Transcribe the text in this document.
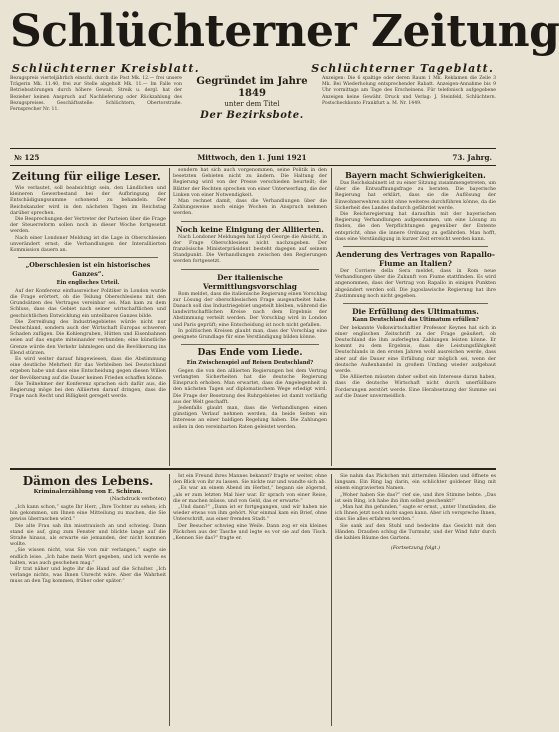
Schlüchterner Zeitung
Schlüchterner Kreisblatt.	Schlüchterner Tageblatt.
Bezugspreis vierteljährlich einschl. durch die Post Mk. 12.— frei unsere Trägerin Mk. 11.40, frei zur Stelle abgeholt Mk. 11.— Im Falle von Betriebsstörungen durch höhere Gewalt, Streik u. dergl. hat der Bezieher keinen Anspruch auf Nachlieferung oder Rückzahlung des Bezugspreises. Geschäftsstelle: Schlüchtern, Obertorstraße. Fernsprecher Nr. 11.
Gegründet im Jahre 1849
unter dem Titel
Der Bezirksbote.
Anzeigen: Die 6 spaltige oder deren Raum 1 Mk. Reklamen die Zeile 3 Mk. Bei Wiederholung entsprechender Rabatt. Anzeigen-Annahme bis 9 Uhr vormittags am Tage des Erscheinens. Für telefonisch aufgegebene Anzeigen keine Gewähr. Druck und Verlag: J. Steinfeld, Schlüchtern. Postscheckkonto Frankfurt a. M. Nr. 1449.
№ 125	Mittwoch, den 1. Juni 1921	73. Jahrg.
Zeitung für eilige Leser.

Wie verlautet, soll beabsichtigt sein, den Ländlichen und kleineren Gewerbestand bei der Aufbringung der Entschädigungssumme schonend zu behandeln. Der Reichskanzler wird in den nächsten Tagen im Reichstag darüber sprechen.

Die Besprechungen der Vertreter der Parteien über die Frage der Steuerreform sollen noch in dieser Woche fortgesetzt werden.

Nach einer Londoner Meldung ist die Lage in Oberschlesien unverändert ernst; die Verhandlungen der Interalliierten Kommission dauern an.

„Oberschlesien ist ein historisches Ganzes“.
Ein englisches Urteil.

Auf der Konferenz einflussreicher Politiker in London wurde die Frage erörtert, ob die Teilung Oberschlesiens mit den Grundsätzen des Vertrages vereinbar sei. Man kam zu dem Schluss, dass das Gebiet nach seiner wirtschaftlichen und geschichtlichen Entwicklung ein unteilbares Ganzes bilde.

Die Zerreißung des Industriegebietes würde nicht nur Deutschland, sondern auch der Wirtschaft Europas schweren Schaden zufügen. Die Kohlengruben, Hütten und Eisenbahnen seien auf das engste miteinander verbunden; eine künstliche Grenze würde den Verkehr lahmlegen und die Bevölkerung ins Elend stürzen.

Es wird weiter darauf hingewiesen, dass die Abstimmung eine deutliche Mehrheit für das Verbleiben bei Deutschland ergeben habe und dass eine Entscheidung gegen diesen Willen der Bevölkerung auf die Dauer keinen Frieden schaffen könne.

Die Teilnehmer der Konferenz sprachen sich dafür aus, die Regierung möge bei den Alliierten darauf dringen, dass die Frage nach Recht und Billigkeit geregelt werde.

sondern hat sich auch vorgenommen, seine Politik in den besetzten Gebieten nicht zu ändern. Die Haltung der Regierung wird von der Presse verschieden beurteilt; die Blätter der Rechten sprechen von einer Unterwerfung, die der Linken von einer Notwendigkeit.

Man rechnet damit, dass die Verhandlungen über die Zahlungsweise noch einige Wochen in Anspruch nehmen werden.

Noch keine Einigung der Alliierten.

Nach Londoner Meldungen hat Lloyd George die Absicht, in der Frage Oberschlesiens nicht nachzugeben. Der französische Ministerpräsident besteht dagegen auf seinem Standpunkt. Die Verhandlungen zwischen den Regierungen werden fortgesetzt.

Der italienische Vermittlungsvorschlag

Rom meldet, dass die italienische Regierung einen Vorschlag zur Lösung der oberschlesischen Frage ausgearbeitet habe. Danach soll das Industriegebiet ungeteilt bleiben, während die landwirtschaftlichen Kreise nach dem Ergebnis der Abstimmung verteilt werden. Der Vorschlag wird in London und Paris geprüft; eine Entscheidung ist noch nicht gefallen.

In politischen Kreisen glaubt man, dass der Vorschlag eine geeignete Grundlage für eine Verständigung bilden könne.

Das Ende vom Liede.
Ein Zwischenspiel auf Reisen Deutschland?

Gegen die von den alliierten Regierungen bei dem Vertrag verlangten Sicherheiten hat die deutsche Regierung Einspruch erhoben. Man erwartet, dass die Angelegenheit in den nächsten Tagen auf diplomatischem Wege erledigt wird. Die Frage der Besetzung des Ruhrgebietes ist damit vorläufig aus der Welt geschafft.

Jedenfalls glaubt man, dass die Verhandlungen einen günstigen Verlauf nehmen werden, da beide Seiten ein Interesse an einer baldigen Regelung haben. Die Zahlungen sollen in den vereinbarten Raten geleistet werden.

Bayern macht Schwierigkeiten.

Das Reichskabinett ist zu einer Sitzung zusammengetreten, um über die Entwaffnungsfrage zu beraten. Die bayerische Regierung hat erklärt, dass sie die Auflösung der Einwohnerwehren nicht ohne weiteres durchführen könne, da die Sicherheit des Landes dadurch gefährdet werde.

Die Reichsregierung hat daraufhin mit der bayerischen Regierung Verhandlungen aufgenommen, um eine Lösung zu finden, die den Verpflichtungen gegenüber der Entente entspricht, ohne die innere Ordnung zu gefährden. Man hofft, dass eine Verständigung in kurzer Zeit erreicht werden kann.

Aenderung des Vertrages von Rapallo-Fiume an Italien?

Der Corriere della Sera meldet, dass in Rom neue Verhandlungen über die Zukunft von Fiume stattfinden. Es wird angenommen, dass der Vertrag von Rapallo in einigen Punkten abgeändert werden soll. Die jugoslawische Regierung hat ihre Zustimmung noch nicht gegeben.

Die Erfüllung des Ultimatums.
Kann Deutschland das Ultimatum erfüllen?

Der bekannte Volkswirtschaftler Professor Keynes hat sich in einer englischen Zeitschrift zu der Frage geäußert, ob Deutschland die ihm auferlegten Zahlungen leisten könne. Er kommt zu dem Ergebnis, dass die Leistungsfähigkeit Deutschlands in den ersten Jahren wohl ausreichen werde, dass aber auf die Dauer eine Erfüllung nur möglich sei, wenn der deutsche Außenhandel in großem Umfang wieder aufgebaut werde.

Die Alliierten müssten daher selbst ein Interesse daran haben, dass die deutsche Wirtschaft nicht durch unerfüllbare Forderungen zerstört werde. Eine Herabsetzung der Summe sei auf die Dauer unvermeidlich.

Dämon des Lebens.
Kriminalerzählung von E. Schirau.
(Nachdruck verboten)

„Ich kann schon,“ sagte Ihr Herr, „Ihre Tochter zu sehen; ich bin gekommen, um Ihnen eine Mitteilung zu machen, die Sie gewiss überraschen wird.“

Die alte Frau sah ihn misstrauisch an und schwieg. Dann stand sie auf, ging zum Fenster und blickte lange auf die Straße hinaus, als erwarte sie jemanden, der nicht kommen wollte.

„Sie wissen nicht, was Sie von mir verlangen,“ sagte sie endlich leise. „Ich habe mein Wort gegeben, und ich werde es halten, was auch geschehen mag.“

Er trat näher und legte ihr die Hand auf die Schulter. „Ich verlange nichts, was Ihnen Unrecht wäre. Aber die Wahrheit muss an den Tag kommen, früher oder später.“

Ist ein Freund ihres Mannes bekannt? fragte er weiter, ohne den Blick von ihr zu lassen. Sie nickte nur und wandte sich ab.

„Es war an einem Abend im Herbst,“ begann sie zögernd, „als er zum letzten Mal hier war. Er sprach von einer Reise, die er machen müsse, und von Geld, das er erwarte.“

„Und dann?“ „Dann ist er fortgegangen, und wir haben nie wieder etwas von ihm gehört. Nur einmal kam ein Brief, ohne Unterschrift, aus einer fremden Stadt.“

Der Besucher schwieg eine Weile. Dann zog er ein kleines Päckchen aus der Tasche und legte es vor sie auf den Tisch. „Kennen Sie das?“ fragte er.

Sie nahm das Päckchen mit zitternden Händen und öffnete es langsam. Ein Ring lag darin, ein schlichter goldener Ring mit einem eingravierten Namen.

„Woher haben Sie das?“ rief sie, und ihre Stimme bebte. „Das ist sein Ring, ich habe ihn ihm selbst geschenkt!“

„Man hat ihn gefunden,“ sagte er ernst, „unter Umständen, die ich Ihnen jetzt noch nicht sagen kann. Aber ich verspreche Ihnen, dass Sie alles erfahren werden.“

Sie sank auf den Stuhl und bedeckte das Gesicht mit den Händen. Draußen schlug die Turmuhr, und der Wind fuhr durch die kahlen Bäume des Gartens.

(Fortsetzung folgt.)
